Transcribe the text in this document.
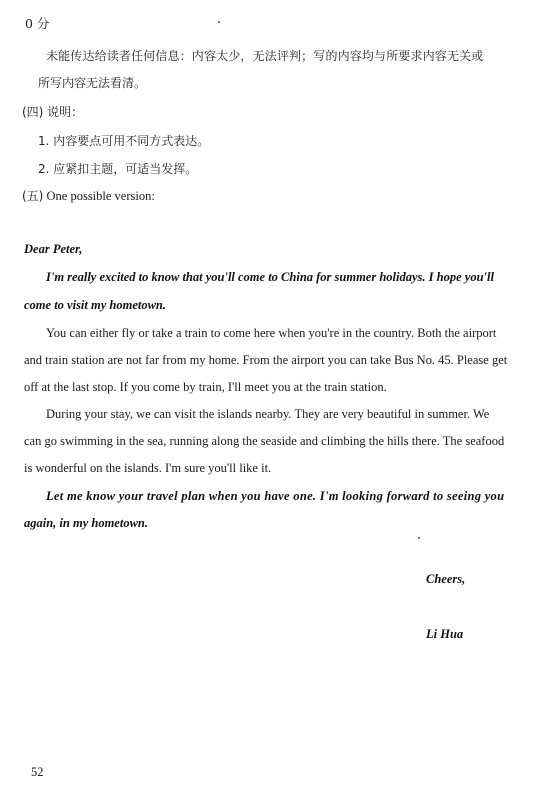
0 分

未能传达给读者任何信息：内容太少，无法评判；写的内容均与所要求内容无关或

所写内容无法看清。

(四) 说明：

1. 内容要点可用不同方式表达。

2. 应紧扣主题，可适当发挥。

(五) One possible version:

Dear Peter,

I'm really excited to know that you'll come to China for summer holidays. I hope you'll

come to visit my hometown.

You can either fly or take a train to come here when you're in the country. Both the airport

and train station are not far from my home. From the airport you can take Bus No. 45. Please get

off at the last stop. If you come by train, I'll meet you at the train station.

During your stay, we can visit the islands nearby. They are very beautiful in summer. We

can go swimming in the sea, running along the seaside and climbing the hills there. The seafood

is wonderful on the islands. I'm sure you'll like it.

Let me know your travel plan when you have one. I'm looking forward to seeing you

again, in my hometown.

Cheers,

Li Hua

52
